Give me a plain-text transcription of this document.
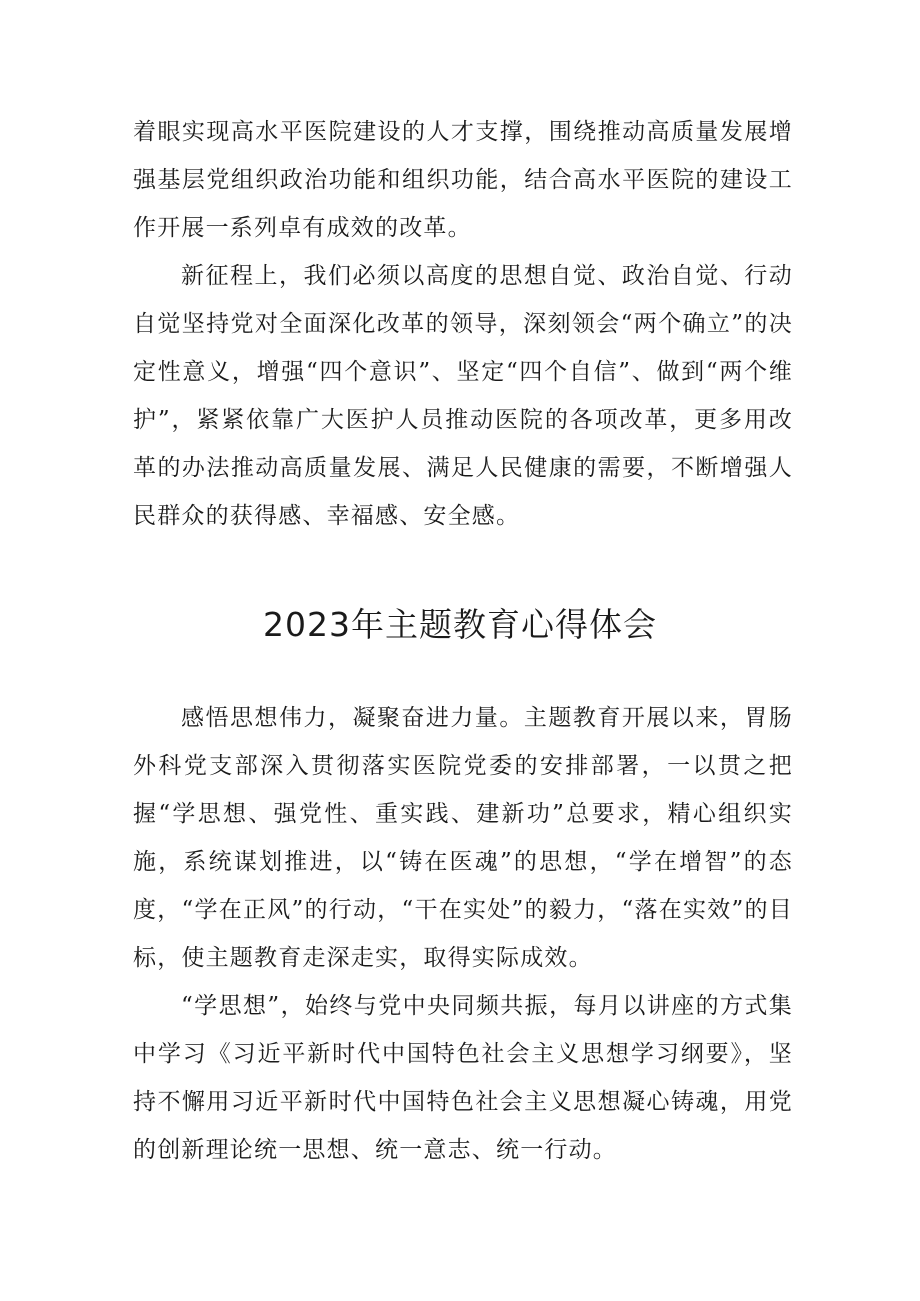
着眼实现高水平医院建设的人才支撑，围绕推动高质量发展增强基层党组织政治功能和组织功能，结合高水平医院的建设工作开展一系列卓有成效的改革。

新征程上，我们必须以高度的思想自觉、政治自觉、行动自觉坚持党对全面深化改革的领导，深刻领会“两个确立”的决定性意义，增强“四个意识”、坚定“四个自信”、做到“两个维护”，紧紧依靠广大医护人员推动医院的各项改革，更多用改革的办法推动高质量发展、满足人民健康的需要，不断增强人民群众的获得感、幸福感、安全感。

2023年主题教育心得体会

感悟思想伟力，凝聚奋进力量。主题教育开展以来，胃肠外科党支部深入贯彻落实医院党委的安排部署，一以贯之把握“学思想、强党性、重实践、建新功”总要求，精心组织实施，系统谋划推进，以“铸在医魂”的思想，“学在增智”的态度，“学在正风”的行动，“干在实处”的毅力，“落在实效”的目标，使主题教育走深走实，取得实际成效。

“学思想”，始终与党中央同频共振，每月以讲座的方式集中学习《习近平新时代中国特色社会主义思想学习纲要》，坚持不懈用习近平新时代中国特色社会主义思想凝心铸魂，用党的创新理论统一思想、统一意志、统一行动。
